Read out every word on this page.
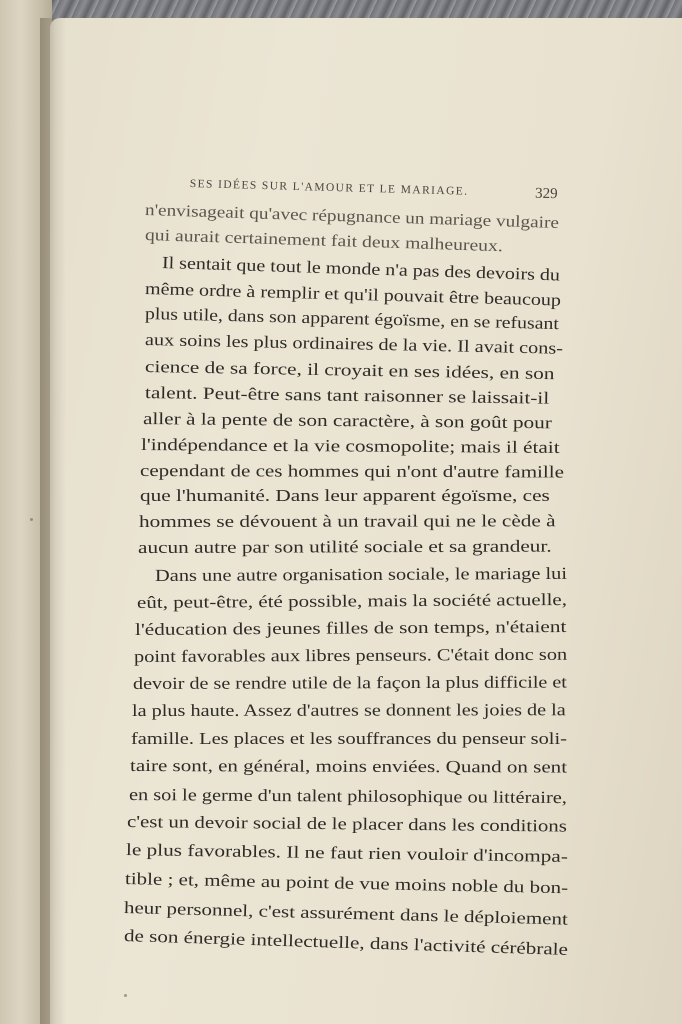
SES IDÉES SUR L'AMOUR ET LE MARIAGE.	329
n'envisageait qu'avec répugnance un mariage vulgaire
qui aurait certainement fait deux malheureux.
Il sentait que tout le monde n'a pas des devoirs du
même ordre à remplir et qu'il pouvait être beaucoup
plus utile, dans son apparent égoïsme, en se refusant
aux soins les plus ordinaires de la vie. Il avait cons-
cience de sa force, il croyait en ses idées, en son
talent. Peut-être sans tant raisonner se laissait-il
aller à la pente de son caractère, à son goût pour
l'indépendance et la vie cosmopolite; mais il était
cependant de ces hommes qui n'ont d'autre famille
que l'humanité. Dans leur apparent égoïsme, ces
hommes se dévouent à un travail qui ne le cède à
aucun autre par son utilité sociale et sa grandeur.
Dans une autre organisation sociale, le mariage lui
eût, peut-être, été possible, mais la société actuelle,
l'éducation des jeunes filles de son temps, n'étaient
point favorables aux libres penseurs. C'était donc son
devoir de se rendre utile de la façon la plus difficile et
la plus haute. Assez d'autres se donnent les joies de la
famille. Les places et les souffrances du penseur soli-
taire sont, en général, moins enviées. Quand on sent
en soi le germe d'un talent philosophique ou littéraire,
c'est un devoir social de le placer dans les conditions
le plus favorables. Il ne faut rien vouloir d'incompa-
tible ; et, même au point de vue moins noble du bon-
heur personnel, c'est assurément dans le déploiement
de son énergie intellectuelle, dans l'activité cérébrale
